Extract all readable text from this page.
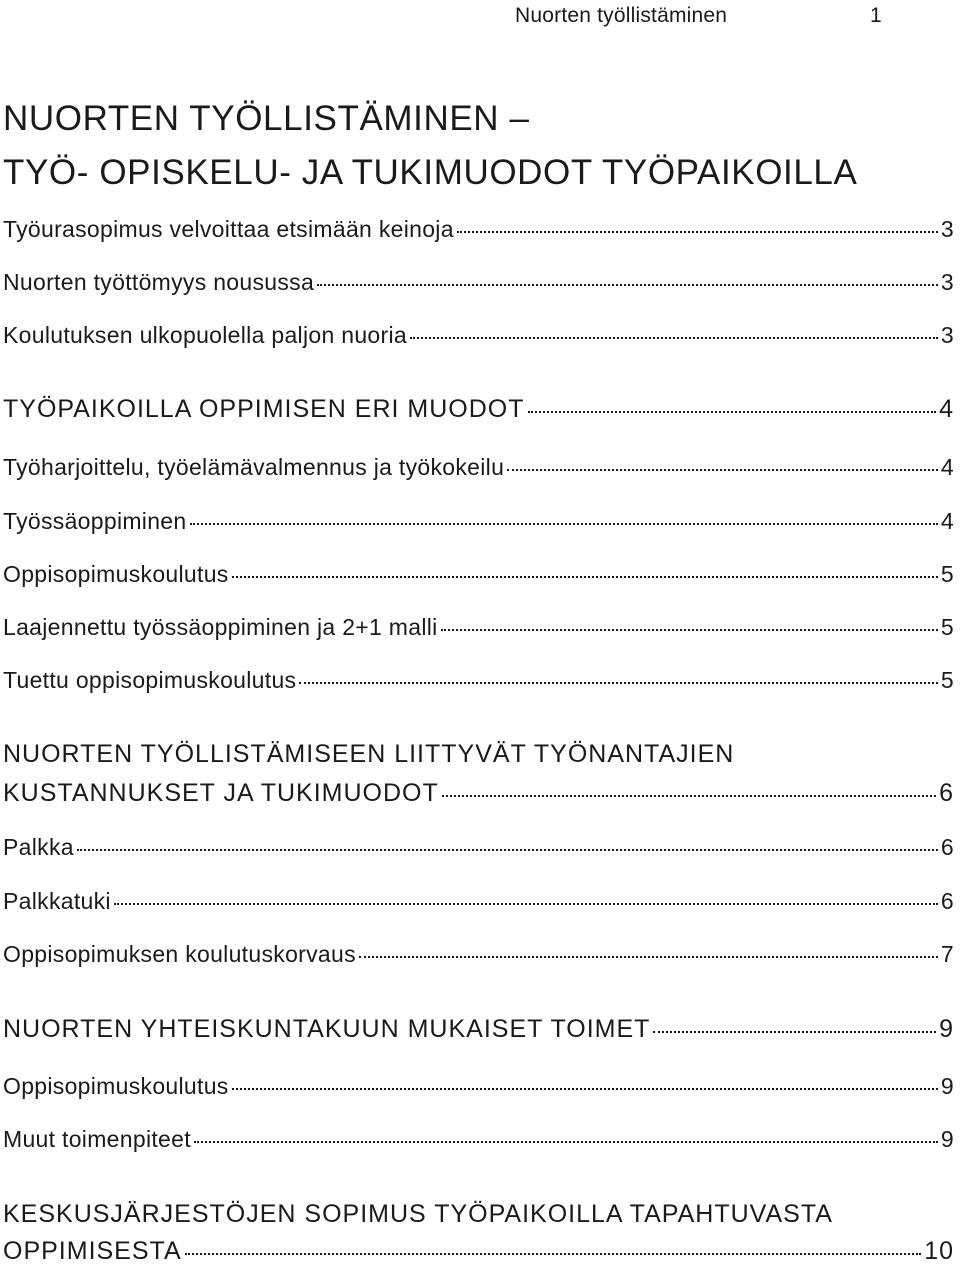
Nuorten työllistäminen	1
NUORTEN TYÖLLISTÄMINEN –
TYÖ- OPISKELU- JA TUKIMUODOT TYÖPAIKOILLA
Työurasopimus velvoittaa etsimään keinoja	3
Nuorten työttömyys nousussa	3
Koulutuksen ulkopuolella paljon nuoria	3
TYÖPAIKOILLA OPPIMISEN ERI MUODOT	4
Työharjoittelu, työelämävalmennus ja työkokeilu	4
Työssäoppiminen	4
Oppisopimuskoulutus	5
Laajennettu työssäoppiminen ja 2+1 malli	5
Tuettu oppisopimuskoulutus	5
NUORTEN TYÖLLISTÄMISEEN LIITTYVÄT TYÖNANTAJIEN
KUSTANNUKSET JA TUKIMUODOT	6
Palkka	6
Palkkatuki	6
Oppisopimuksen koulutuskorvaus	7
NUORTEN YHTEISKUNTAKUUN MUKAISET TOIMET	9
Oppisopimuskoulutus	9
Muut toimenpiteet	9
KESKUSJÄRJESTÖJEN SOPIMUS TYÖPAIKOILLA TAPAHTUVASTA
OPPIMISESTA	10
